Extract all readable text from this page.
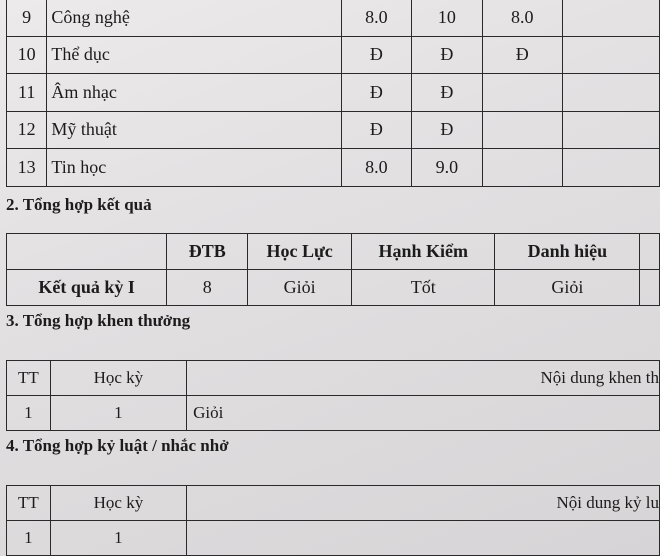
9	Công nghệ	8.0	10	8.0	
10	Thể dục	Đ	Đ	Đ	
11	Âm nhạc	Đ	Đ		
12	Mỹ thuật	Đ	Đ		
13	Tin học	8.0	9.0		
2. Tổng hợp kết quả
	ĐTB	Học Lực	Hạnh Kiểm	Danh hiệu	
Kết quả kỳ I	8	Giỏi	Tốt	Giỏi	
3. Tổng hợp khen thưởng
TT	Học kỳ	Nội dung khen th
1	1	Giỏi
4. Tổng hợp kỷ luật / nhắc nhở
TT	Học kỳ	Nội dung kỷ lu
1	1	
